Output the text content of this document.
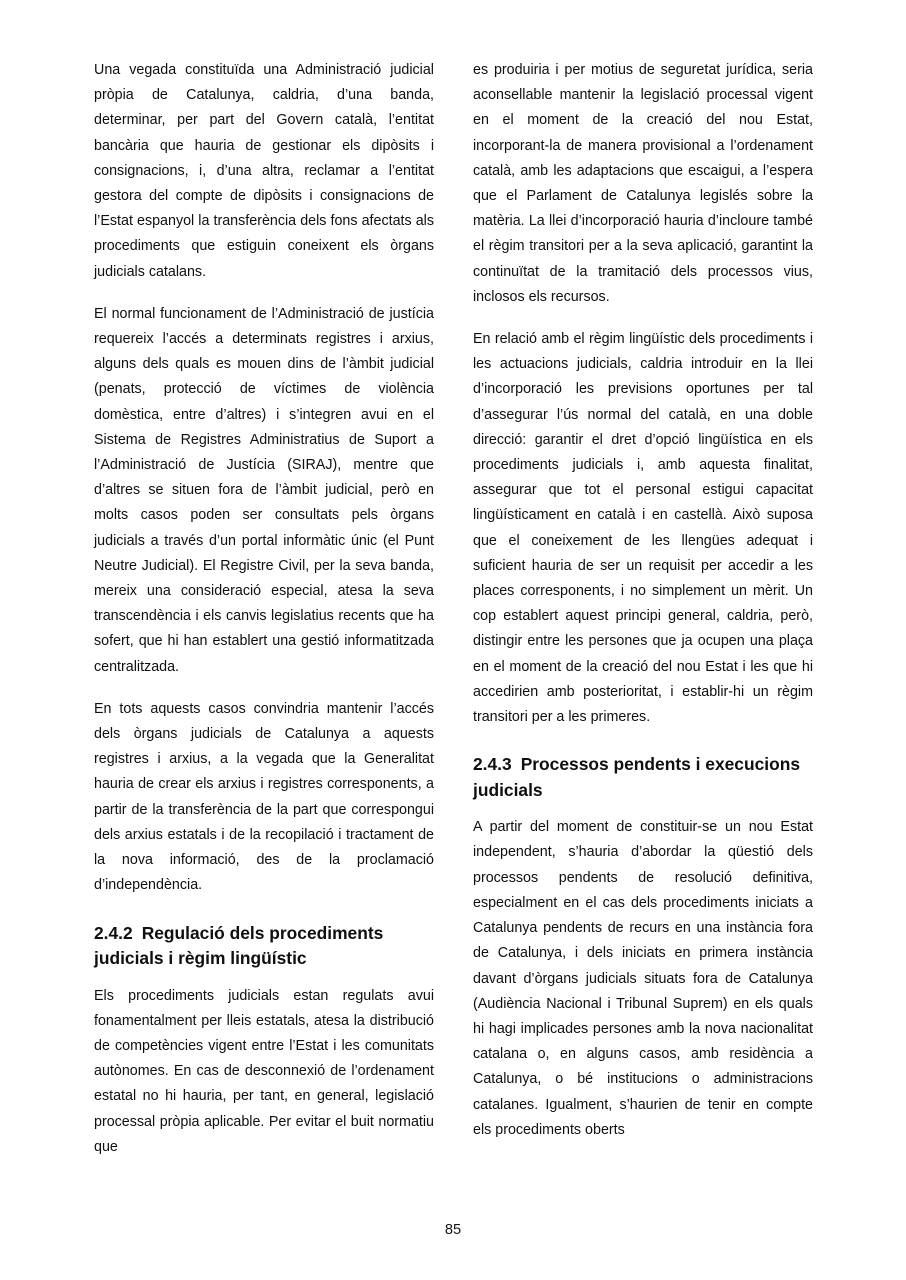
Una vegada constituïda una Administració judicial pròpia de Catalunya, caldria, d’una banda, determinar, per part del Govern català, l’entitat bancària que hauria de gestionar els dipòsits i consignacions, i, d’una altra, reclamar a l’entitat gestora del compte de dipòsits i consignacions de l’Estat espanyol la transferència dels fons afectats als procediments que estiguin coneixent els òrgans judicials catalans.

El normal funcionament de l’Administració de justícia requereix l’accés a determinats registres i arxius, alguns dels quals es mouen dins de l’àmbit judicial (penats, protecció de víctimes de violència domèstica, entre d’altres) i s’integren avui en el Sistema de Registres Administratius de Suport a l’Administració de Justícia (SIRAJ), mentre que d’altres se situen fora de l’àmbit judicial, però en molts casos poden ser consultats pels òrgans judicials a través d’un portal informàtic únic (el Punt Neutre Judicial). El Registre Civil, per la seva banda, mereix una consideració especial, atesa la seva transcendència i els canvis legislatius recents que ha sofert, que hi han establert una gestió informatitzada centralitzada.

En tots aquests casos convindria mantenir l’accés dels òrgans judicials de Catalunya a aquests registres i arxius, a la vegada que la Generalitat hauria de crear els arxius i registres corresponents, a partir de la transferència de la part que correspongui dels arxius estatals i de la recopilació i tractament de la nova informació, des de la proclamació d’independència.

2.4.2 Regulació dels procediments judicials i règim lingüístic

Els procediments judicials estan regulats avui fonamentalment per lleis estatals, atesa la distribució de competències vigent entre l’Estat i les comunitats autònomes. En cas de desconnexió de l’ordenament estatal no hi hauria, per tant, en general, legislació processal pròpia aplicable. Per evitar el buit normatiu que

es produiria i per motius de seguretat jurídica, seria aconsellable mantenir la legislació processal vigent en el moment de la creació del nou Estat, incorporant-la de manera provisional a l’ordenament català, amb les adaptacions que escaigui, a l’espera que el Parlament de Catalunya legislés sobre la matèria. La llei d’incorporació hauria d’incloure també el règim transitori per a la seva aplicació, garantint la continuïtat de la tramitació dels processos vius, inclosos els recursos.

En relació amb el règim lingüístic dels procediments i les actuacions judicials, caldria introduir en la llei d’incorporació les previsions oportunes per tal d’assegurar l’ús normal del català, en una doble direcció: garantir el dret d’opció lingüística en els procediments judicials i, amb aquesta finalitat, assegurar que tot el personal estigui capacitat lingüísticament en català i en castellà. Això suposa que el coneixement de les llengües adequat i suficient hauria de ser un requisit per accedir a les places corresponents, i no simplement un mèrit. Un cop establert aquest principi general, caldria, però, distingir entre les persones que ja ocupen una plaça en el moment de la creació del nou Estat i les que hi accedirien amb posterioritat, i establir-hi un règim transitori per a les primeres.

2.4.3 Processos pendents i execucions judicials

A partir del moment de constituir-se un nou Estat independent, s’hauria d’abordar la qüestió dels processos pendents de resolució definitiva, especialment en el cas dels procediments iniciats a Catalunya pendents de recurs en una instància fora de Catalunya, i dels iniciats en primera instància davant d’òrgans judicials situats fora de Catalunya (Audiència Nacional i Tribunal Suprem) en els quals hi hagi implicades persones amb la nova nacionalitat catalana o, en alguns casos, amb residència a Catalunya, o bé institucions o administracions catalanes. Igualment, s’haurien de tenir en compte els procediments oberts

85
